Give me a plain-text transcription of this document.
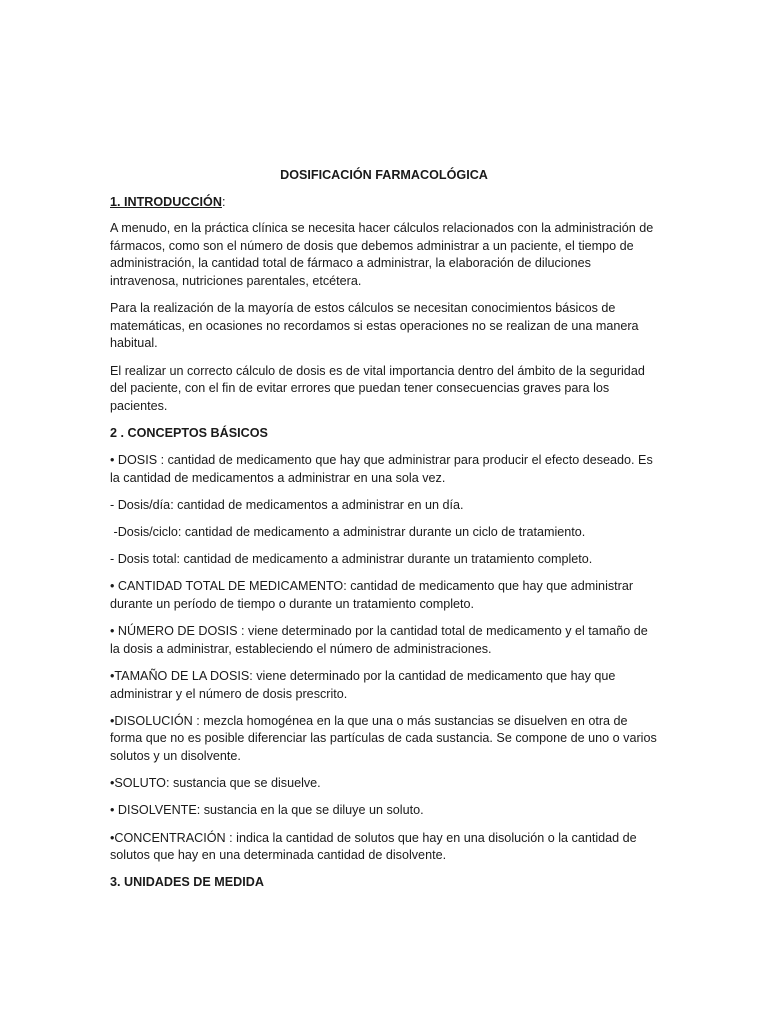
DOSIFICACIÓN FARMACOLÓGICA
1. INTRODUCCIÓN:

A menudo, en la práctica clínica se necesita hacer cálculos relacionados con la administración de fármacos, como son el número de dosis que debemos administrar a un paciente, el tiempo de administración, la cantidad total de fármaco a administrar, la elaboración de diluciones intravenosa, nutriciones parentales, etcétera.

Para la realización de la mayoría de estos cálculos se necesitan conocimientos básicos de matemáticas, en ocasiones no recordamos si estas operaciones no se realizan de una manera habitual.

El realizar un correcto cálculo de dosis es de vital importancia dentro del ámbito de la seguridad del paciente, con el fin de evitar errores que puedan tener consecuencias graves para los pacientes.

2 . CONCEPTOS BÁSICOS

• DOSIS : cantidad de medicamento que hay que administrar para producir el efecto deseado. Es la cantidad de medicamentos a administrar en una sola vez.

- Dosis/día: cantidad de medicamentos a administrar en un día.

-Dosis/ciclo: cantidad de medicamento a administrar durante un ciclo de tratamiento.

- Dosis total: cantidad de medicamento a administrar durante un tratamiento completo.

• CANTIDAD TOTAL DE MEDICAMENTO: cantidad de medicamento que hay que administrar durante un período de tiempo o durante un tratamiento completo.

• NÚMERO DE DOSIS : viene determinado por la cantidad total de medicamento y el tamaño de la dosis a administrar, estableciendo el número de administraciones.

•TAMAÑO DE LA DOSIS: viene determinado por la cantidad de medicamento que hay que administrar y el número de dosis prescrito.

•DISOLUCIÓN : mezcla homogénea en la que una o más sustancias se disuelven en otra de forma que no es posible diferenciar las partículas de cada sustancia. Se compone de uno o varios solutos y un disolvente.

•SOLUTO: sustancia que se disuelve.

• DISOLVENTE: sustancia en la que se diluye un soluto.

•CONCENTRACIÓN : indica la cantidad de solutos que hay en una disolución o la cantidad de solutos que hay en una determinada cantidad de disolvente.

3. UNIDADES DE MEDIDA
